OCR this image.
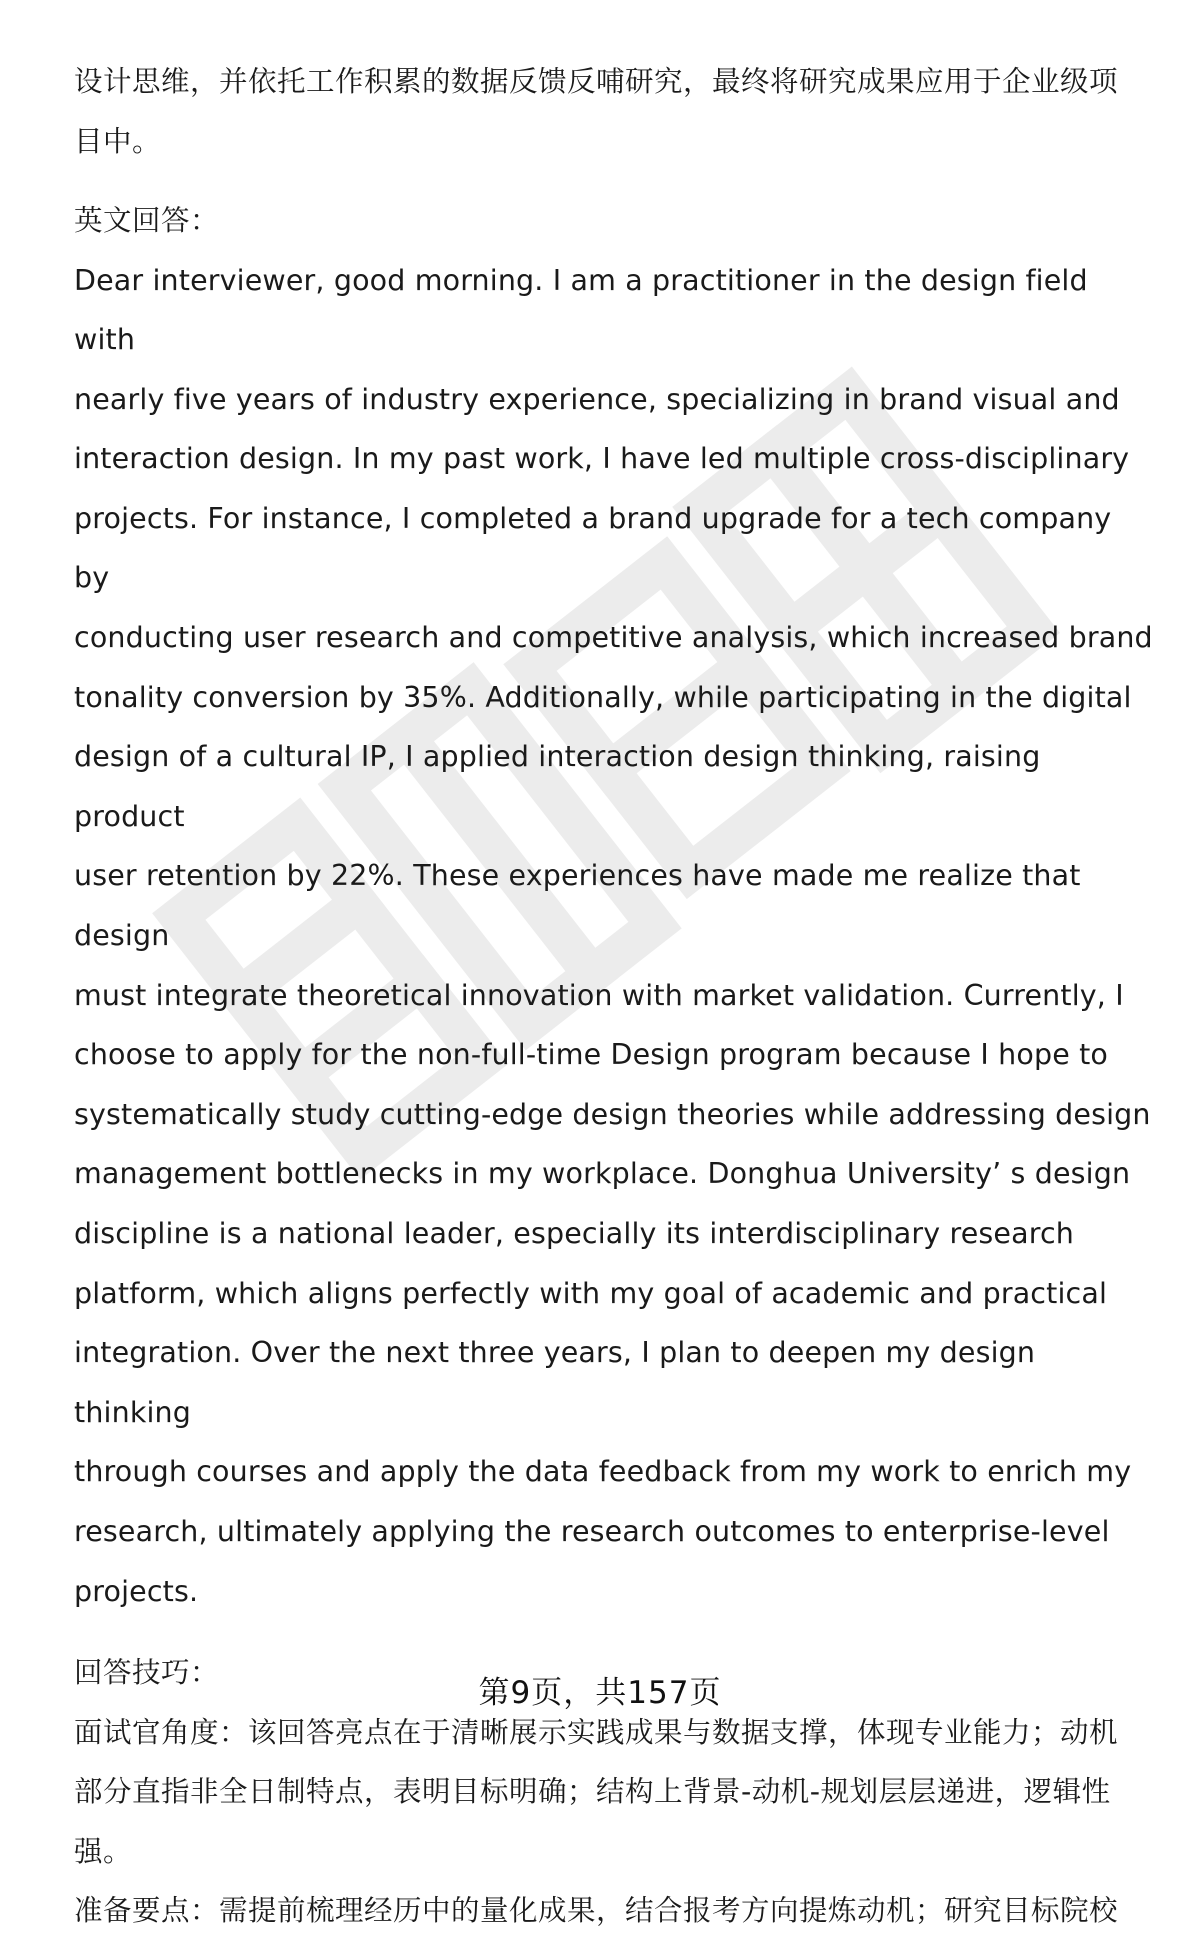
设计思维，并依托工作积累的数据反馈反哺研究，最终将研究成果应用于企业级项

目中。

英文回答：

Dear interviewer, good morning. I am a practitioner in the design field with

nearly five years of industry experience, specializing in brand visual and

interaction design. In my past work, I have led multiple cross-disciplinary

projects. For instance, I completed a brand upgrade for a tech company by

conducting user research and competitive analysis, which increased brand

tonality conversion by 35%. Additionally, while participating in the digital

design of a cultural IP, I applied interaction design thinking, raising product

user retention by 22%. These experiences have made me realize that design

must integrate theoretical innovation with market validation. Currently, I

choose to apply for the non-full-time Design program because I hope to

systematically study cutting-edge design theories while addressing design

management bottlenecks in my workplace. Donghua University’ s design

discipline is a national leader, especially its interdisciplinary research

platform, which aligns perfectly with my goal of academic and practical

integration. Over the next three years, I plan to deepen my design thinking

through courses and apply the data feedback from my work to enrich my

research, ultimately applying the research outcomes to enterprise-level

projects.

回答技巧：

面试官角度：该回答亮点在于清晰展示实践成果与数据支撑，体现专业能力；动机

部分直指非全日制特点，表明目标明确；结构上背景-动机-规划层层递进，逻辑性

强。

准备要点：需提前梳理经历中的量化成果，结合报考方向提炼动机；研究目标院校

第9页，共157页
